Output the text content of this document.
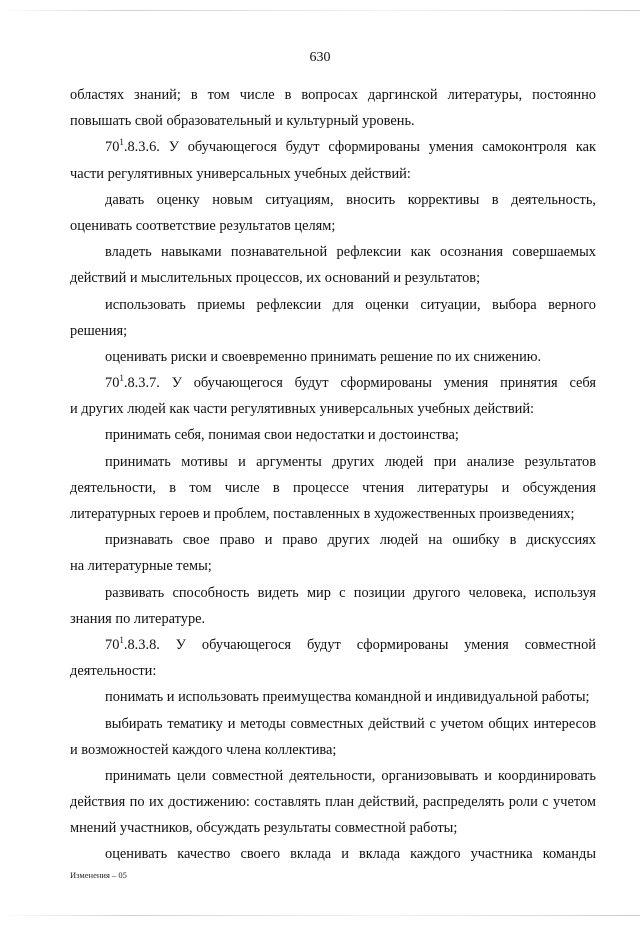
630
областях знаний; в том числе в вопросах даргинской литературы, постоянно
повышать свой образовательный и культурный уровень.
$70^1.8.3.6$. У обучающегося будут сформированы умения самоконтроля как
части регулятивных универсальных учебных действий:
давать оценку новым ситуациям, вносить коррективы в деятельность,
оценивать соответствие результатов целям;
владеть навыками познавательной рефлексии как осознания совершаемых
действий и мыслительных процессов, их оснований и результатов;
использовать приемы рефлексии для оценки ситуации, выбора верного
решения;
оценивать риски и своевременно принимать решение по их снижению.
$70^1.8.3.7$. У обучающегося будут сформированы умения принятия себя
и других людей как части регулятивных универсальных учебных действий:
принимать себя, понимая свои недостатки и достоинства;
принимать мотивы и аргументы других людей при анализе результатов
деятельности, в том числе в процессе чтения литературы и обсуждения
литературных героев и проблем, поставленных в художественных произведениях;
признавать свое право и право других людей на ошибку в дискуссиях
на литературные темы;
развивать способность видеть мир с позиции другого человека, используя
знания по литературе.
$70^1.8.3.8$. У обучающегося будут сформированы умения совместной
деятельности:
понимать и использовать преимущества командной и индивидуальной работы;
выбирать тематику и методы совместных действий с учетом общих интересов
и возможностей каждого члена коллектива;
принимать цели совместной деятельности, организовывать и координировать
действия по их достижению: составлять план действий, распределять роли с учетом
мнений участников, обсуждать результаты совместной работы;
оценивать качество своего вклада и вклада каждого участника команды
Изменения – 05
